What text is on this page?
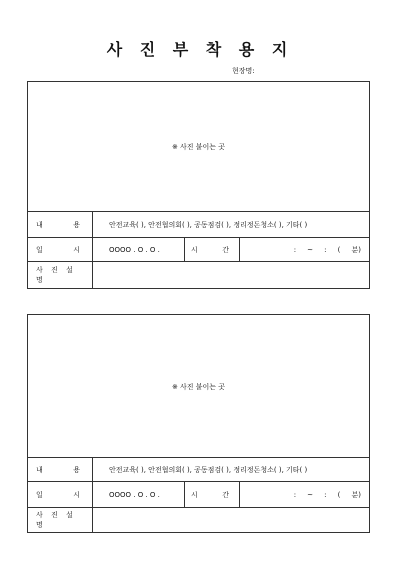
사 진 부 착 용 지
현장명:
※ 사진 붙이는 곳
내	용	안전교육( ), 안전협의회( ), 공동점검( ), 정리정돈청소( ), 기타( )
일	시	OOOO . O . O .	시	간	:     ~     :     (     분)
사 진 설 명
※ 사진 붙이는 곳
내	용	안전교육( ), 안전협의회( ), 공동점검( ), 정리정돈청소( ), 기타( )
일	시	OOOO . O . O .	시	간	:     ~     :     (     분)
사 진 설 명
